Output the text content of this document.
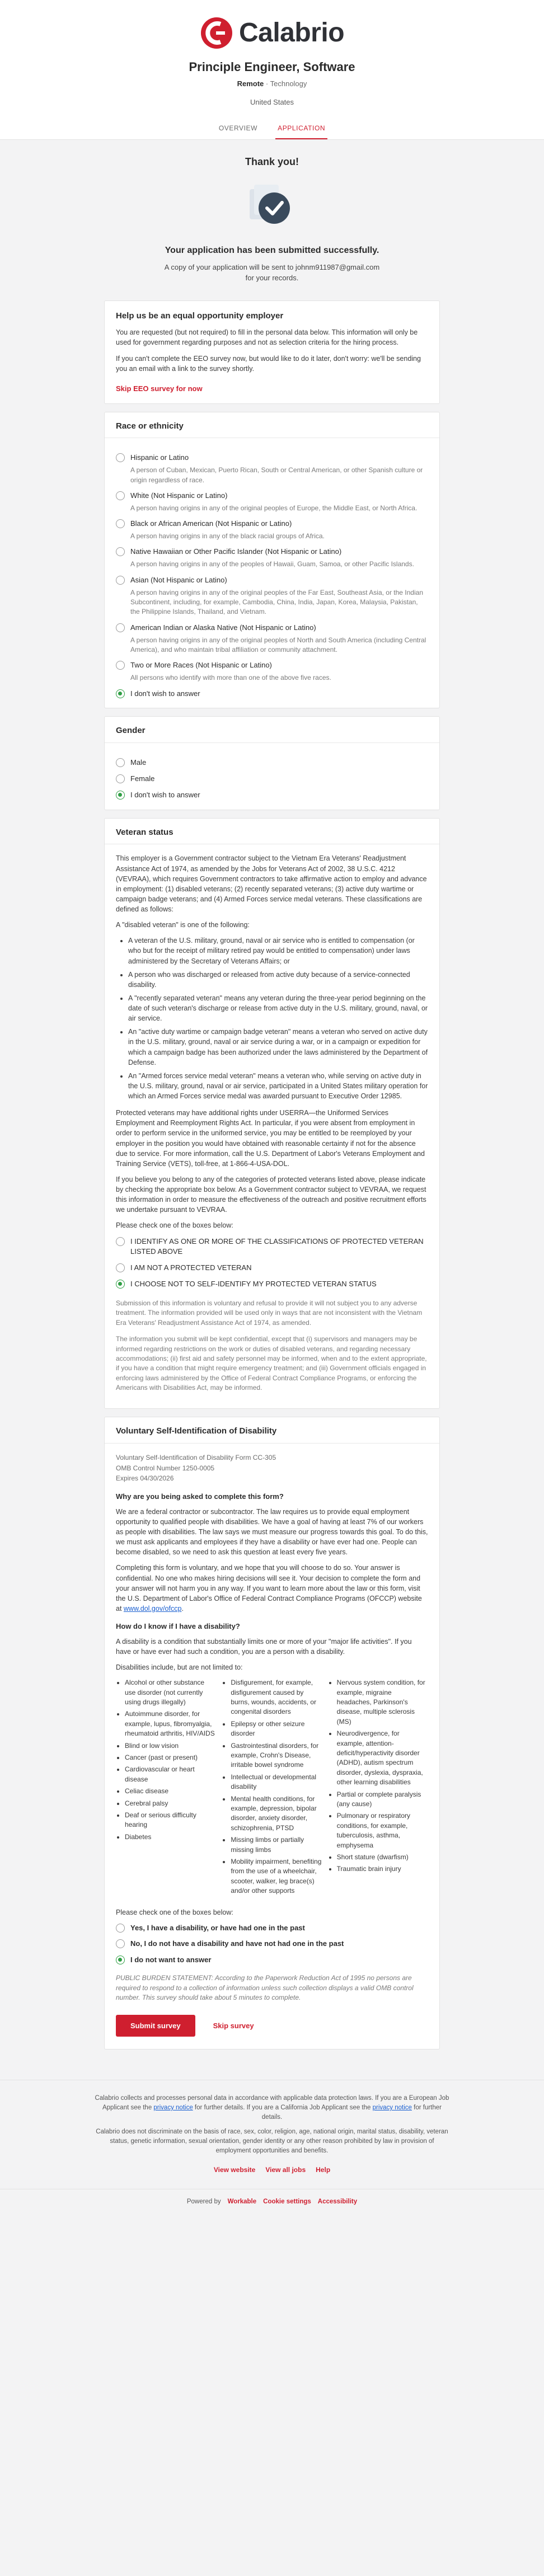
Calabrio
Principle Engineer, Software
Remote · Technology
United States
OVERVIEW	APPLICATION
Thank you!
Your application has been submitted successfully.
A copy of your application will be sent to johnm911987@gmail.com
for your records.
Help us be an equal opportunity employer

You are requested (but not required) to fill in the personal data below. This information will only be used for government regarding purposes and not as selection criteria for the hiring process.

If you can't complete the EEO survey now, but would like to do it later, don't worry: we'll be sending you an email with a link to the survey shortly.

Skip EEO survey for now
Race or ethnicity
Hispanic or Latino
A person of Cuban, Mexican, Puerto Rican, South or Central American, or other Spanish culture or origin regardless of race.
White (Not Hispanic or Latino)
A person having origins in any of the original peoples of Europe, the Middle East, or North Africa.
Black or African American (Not Hispanic or Latino)
A person having origins in any of the black racial groups of Africa.
Native Hawaiian or Other Pacific Islander (Not Hispanic or Latino)
A person having origins in any of the peoples of Hawaii, Guam, Samoa, or other Pacific Islands.
Asian (Not Hispanic or Latino)
A person having origins in any of the original peoples of the Far East, Southeast Asia, or the Indian Subcontinent, including, for example, Cambodia, China, India, Japan, Korea, Malaysia, Pakistan, the Philippine Islands, Thailand, and Vietnam.
American Indian or Alaska Native (Not Hispanic or Latino)
A person having origins in any of the original peoples of North and South America (including Central America), and who maintain tribal affiliation or community attachment.
Two or More Races (Not Hispanic or Latino)
All persons who identify with more than one of the above five races.
I don't wish to answer
Gender
Male
Female
I don't wish to answer
Veteran status

This employer is a Government contractor subject to the Vietnam Era Veterans' Readjustment Assistance Act of 1974, as amended by the Jobs for Veterans Act of 2002, 38 U.S.C. 4212 (VEVRAA), which requires Government contractors to take affirmative action to employ and advance in employment: (1) disabled veterans; (2) recently separated veterans; (3) active duty wartime or campaign badge veterans; and (4) Armed Forces service medal veterans. These classifications are defined as follows:

A "disabled veteran" is one of the following:

• A veteran of the U.S. military, ground, naval or air service who is entitled to compensation (or who but for the receipt of military retired pay would be entitled to compensation) under laws administered by the Secretary of Veterans Affairs; or
• A person who was discharged or released from active duty because of a service-connected disability.
• A "recently separated veteran" means any veteran during the three-year period beginning on the date of such veteran's discharge or release from active duty in the U.S. military, ground, naval, or air service.
• An "active duty wartime or campaign badge veteran" means a veteran who served on active duty in the U.S. military, ground, naval or air service during a war, or in a campaign or expedition for which a campaign badge has been authorized under the laws administered by the Department of Defense.
• An "Armed forces service medal veteran" means a veteran who, while serving on active duty in the U.S. military, ground, naval or air service, participated in a United States military operation for which an Armed Forces service medal was awarded pursuant to Executive Order 12985.

Protected veterans may have additional rights under USERRA—the Uniformed Services Employment and Reemployment Rights Act. In particular, if you were absent from employment in order to perform service in the uniformed service, you may be entitled to be reemployed by your employer in the position you would have obtained with reasonable certainty if not for the absence due to service. For more information, call the U.S. Department of Labor's Veterans Employment and Training Service (VETS), toll-free, at 1-866-4-USA-DOL.

If you believe you belong to any of the categories of protected veterans listed above, please indicate by checking the appropriate box below. As a Government contractor subject to VEVRAA, we request this information in order to measure the effectiveness of the outreach and positive recruitment efforts we undertake pursuant to VEVRAA.

Please check one of the boxes below:

I IDENTIFY AS ONE OR MORE OF THE CLASSIFICATIONS OF PROTECTED VETERAN LISTED ABOVE
I AM NOT A PROTECTED VETERAN
I CHOOSE NOT TO SELF-IDENTIFY MY PROTECTED VETERAN STATUS

Submission of this information is voluntary and refusal to provide it will not subject you to any adverse treatment. The information provided will be used only in ways that are not inconsistent with the Vietnam Era Veterans' Readjustment Assistance Act of 1974, as amended.

The information you submit will be kept confidential, except that (i) supervisors and managers may be informed regarding restrictions on the work or duties of disabled veterans, and regarding necessary accommodations; (ii) first aid and safety personnel may be informed, when and to the extent appropriate, if you have a condition that might require emergency treatment; and (iii) Government officials engaged in enforcing laws administered by the Office of Federal Contract Compliance Programs, or enforcing the Americans with Disabilities Act, may be informed.

Voluntary Self-Identification of Disability
Voluntary Self-Identification of Disability Form CC-305
OMB Control Number 1250-0005
Expires 04/30/2026
Why are you being asked to complete this form?

We are a federal contractor or subcontractor. The law requires us to provide equal employment opportunity to qualified people with disabilities. We have a goal of having at least 7% of our workers as people with disabilities. The law says we must measure our progress towards this goal. To do this, we must ask applicants and employees if they have a disability or have ever had one. People can become disabled, so we need to ask this question at least every five years.

Completing this form is voluntary, and we hope that you will choose to do so. Your answer is confidential. No one who makes hiring decisions will see it. Your decision to complete the form and your answer will not harm you in any way. If you want to learn more about the law or this form, visit the U.S. Department of Labor's Office of Federal Contract Compliance Programs (OFCCP) website at www.dol.gov/ofccp.

How do I know if I have a disability?

A disability is a condition that substantially limits one or more of your "major life activities". If you have or have ever had such a condition, you are a person with a disability.

Disabilities include, but are not limited to:

• Alcohol or other substance use disorder (not currently using drugs illegally)
• Autoimmune disorder, for example, lupus, fibromyalgia, rheumatoid arthritis, HIV/AIDS
• Blind or low vision
• Cancer (past or present)
• Cardiovascular or heart disease
• Celiac disease
• Cerebral palsy
• Deaf or serious difficulty hearing
• Diabetes
• Disfigurement, for example, disfigurement caused by burns, wounds, accidents, or congenital disorders
• Epilepsy or other seizure disorder
• Gastrointestinal disorders, for example, Crohn's Disease, irritable bowel syndrome
• Intellectual or developmental disability
• Mental health conditions, for example, depression, bipolar disorder, anxiety disorder, schizophrenia, PTSD
• Missing limbs or partially missing limbs
• Mobility impairment, benefiting from the use of a wheelchair, scooter, walker, leg brace(s) and/or other supports
• Nervous system condition, for example, migraine headaches, Parkinson's disease, multiple sclerosis (MS)
• Neurodivergence, for example, attention-deficit/hyperactivity disorder (ADHD), autism spectrum disorder, dyslexia, dyspraxia, other learning disabilities
• Partial or complete paralysis (any cause)
• Pulmonary or respiratory conditions, for example, tuberculosis, asthma, emphysema
• Short stature (dwarfism)
• Traumatic brain injury

Please check one of the boxes below:

Yes, I have a disability, or have had one in the past
No, I do not have a disability and have not had one in the past
I do not want to answer

PUBLIC BURDEN STATEMENT: According to the Paperwork Reduction Act of 1995 no persons are required to respond to a collection of information unless such collection displays a valid OMB control number. This survey should take about 5 minutes to complete.

Submit survey	Skip survey

Calabrio collects and processes personal data in accordance with applicable data protection laws. If you are a European Job Applicant see the privacy notice for further details. If you are a California Job Applicant see the privacy notice for further details.

Calabrio does not discriminate on the basis of race, sex, color, religion, age, national origin, marital status, disability, veteran status, genetic information, sexual orientation, gender identity or any other reason prohibited by law in provision of employment opportunities and benefits.

View website View all jobs Help
Powered by Workable Cookie settings Accessibility
